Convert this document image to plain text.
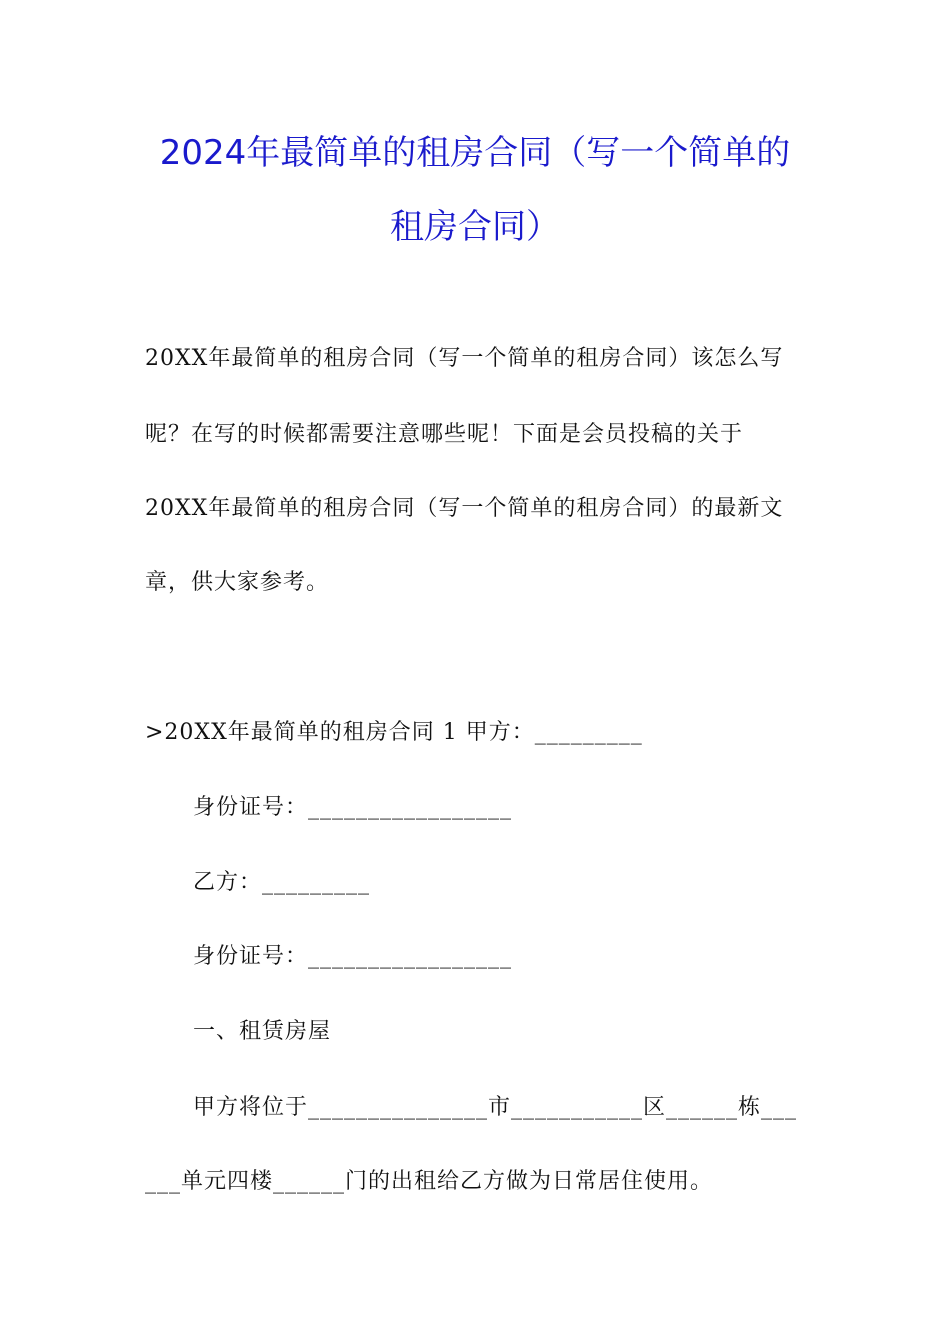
2024年最简单的租房合同（写一个简单的
租房合同）
20XX年最简单的租房合同（写一个简单的租房合同）该怎么写
呢？在写的时候都需要注意哪些呢！下面是会员投稿的关于
20XX年最简单的租房合同（写一个简单的租房合同）的最新文
章，供大家参考。
>20XX年最简单的租房合同 1 甲方：_________
身份证号：_________________
乙方：_________
身份证号：_________________
一、租赁房屋
甲方将位于_______________市___________区______栋___
___单元四楼______门的出租给乙方做为日常居住使用。
